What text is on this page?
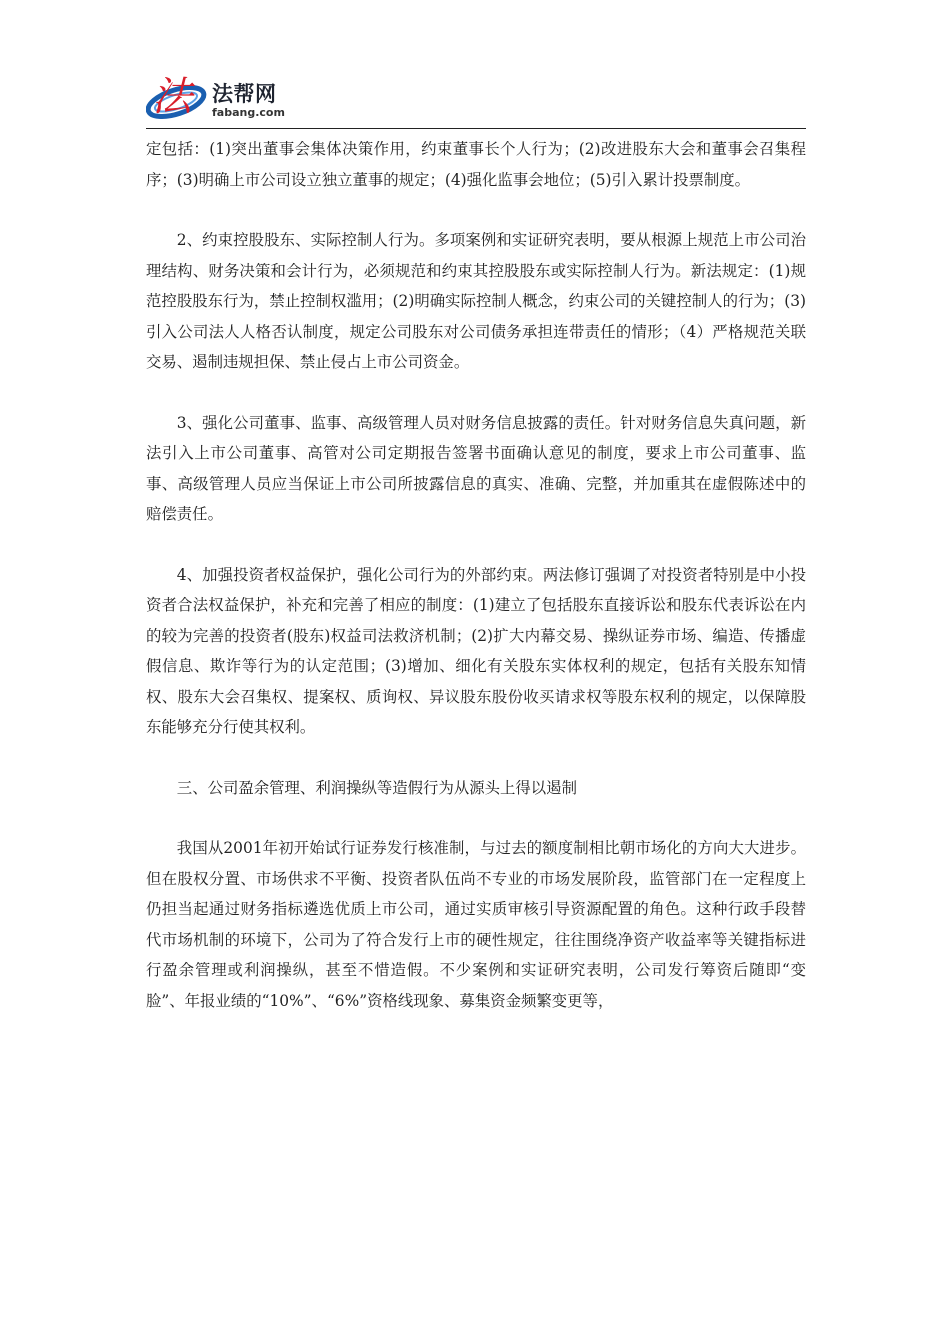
法 法帮网
fabang.com

定包括：(1)突出董事会集体决策作用，约束董事长个人行为；(2)改进股东大会和董事会召集程序；(3)明确上市公司设立独立董事的规定；(4)强化监事会地位；(5)引入累计投票制度。

2、约束控股股东、实际控制人行为。多项案例和实证研究表明，要从根源上规范上市公司治理结构、财务决策和会计行为，必须规范和约束其控股股东或实际控制人行为。新法规定：(1)规范控股股东行为，禁止控制权滥用；(2)明确实际控制人概念，约束公司的关键控制人的行为；(3)引入公司法人人格否认制度，规定公司股东对公司债务承担连带责任的情形；（4）严格规范关联交易、遏制违规担保、禁止侵占上市公司资金。

3、强化公司董事、监事、高级管理人员对财务信息披露的责任。针对财务信息失真问题，新法引入上市公司董事、高管对公司定期报告签署书面确认意见的制度，要求上市公司董事、监事、高级管理人员应当保证上市公司所披露信息的真实、准确、完整，并加重其在虚假陈述中的赔偿责任。

4、加强投资者权益保护，强化公司行为的外部约束。两法修订强调了对投资者特别是中小投资者合法权益保护，补充和完善了相应的制度：(1)建立了包括股东直接诉讼和股东代表诉讼在内的较为完善的投资者(股东)权益司法救济机制；(2)扩大内幕交易、操纵证券市场、编造、传播虚假信息、欺诈等行为的认定范围；(3)增加、细化有关股东实体权利的规定，包括有关股东知情权、股东大会召集权、提案权、质询权、异议股东股份收买请求权等股东权利的规定，以保障股东能够充分行使其权利。

三、公司盈余管理、利润操纵等造假行为从源头上得以遏制

我国从2001年初开始试行证券发行核准制，与过去的额度制相比朝市场化的方向大大进步。但在股权分置、市场供求不平衡、投资者队伍尚不专业的市场发展阶段，监管部门在一定程度上仍担当起通过财务指标遴选优质上市公司，通过实质审核引导资源配置的角色。这种行政手段替代市场机制的环境下，公司为了符合发行上市的硬性规定，往往围绕净资产收益率等关键指标进行盈余管理或利润操纵，甚至不惜造假。不少案例和实证研究表明，公司发行筹资后随即“变脸”、年报业绩的“10%”、“6%”资格线现象、募集资金频繁变更等，
